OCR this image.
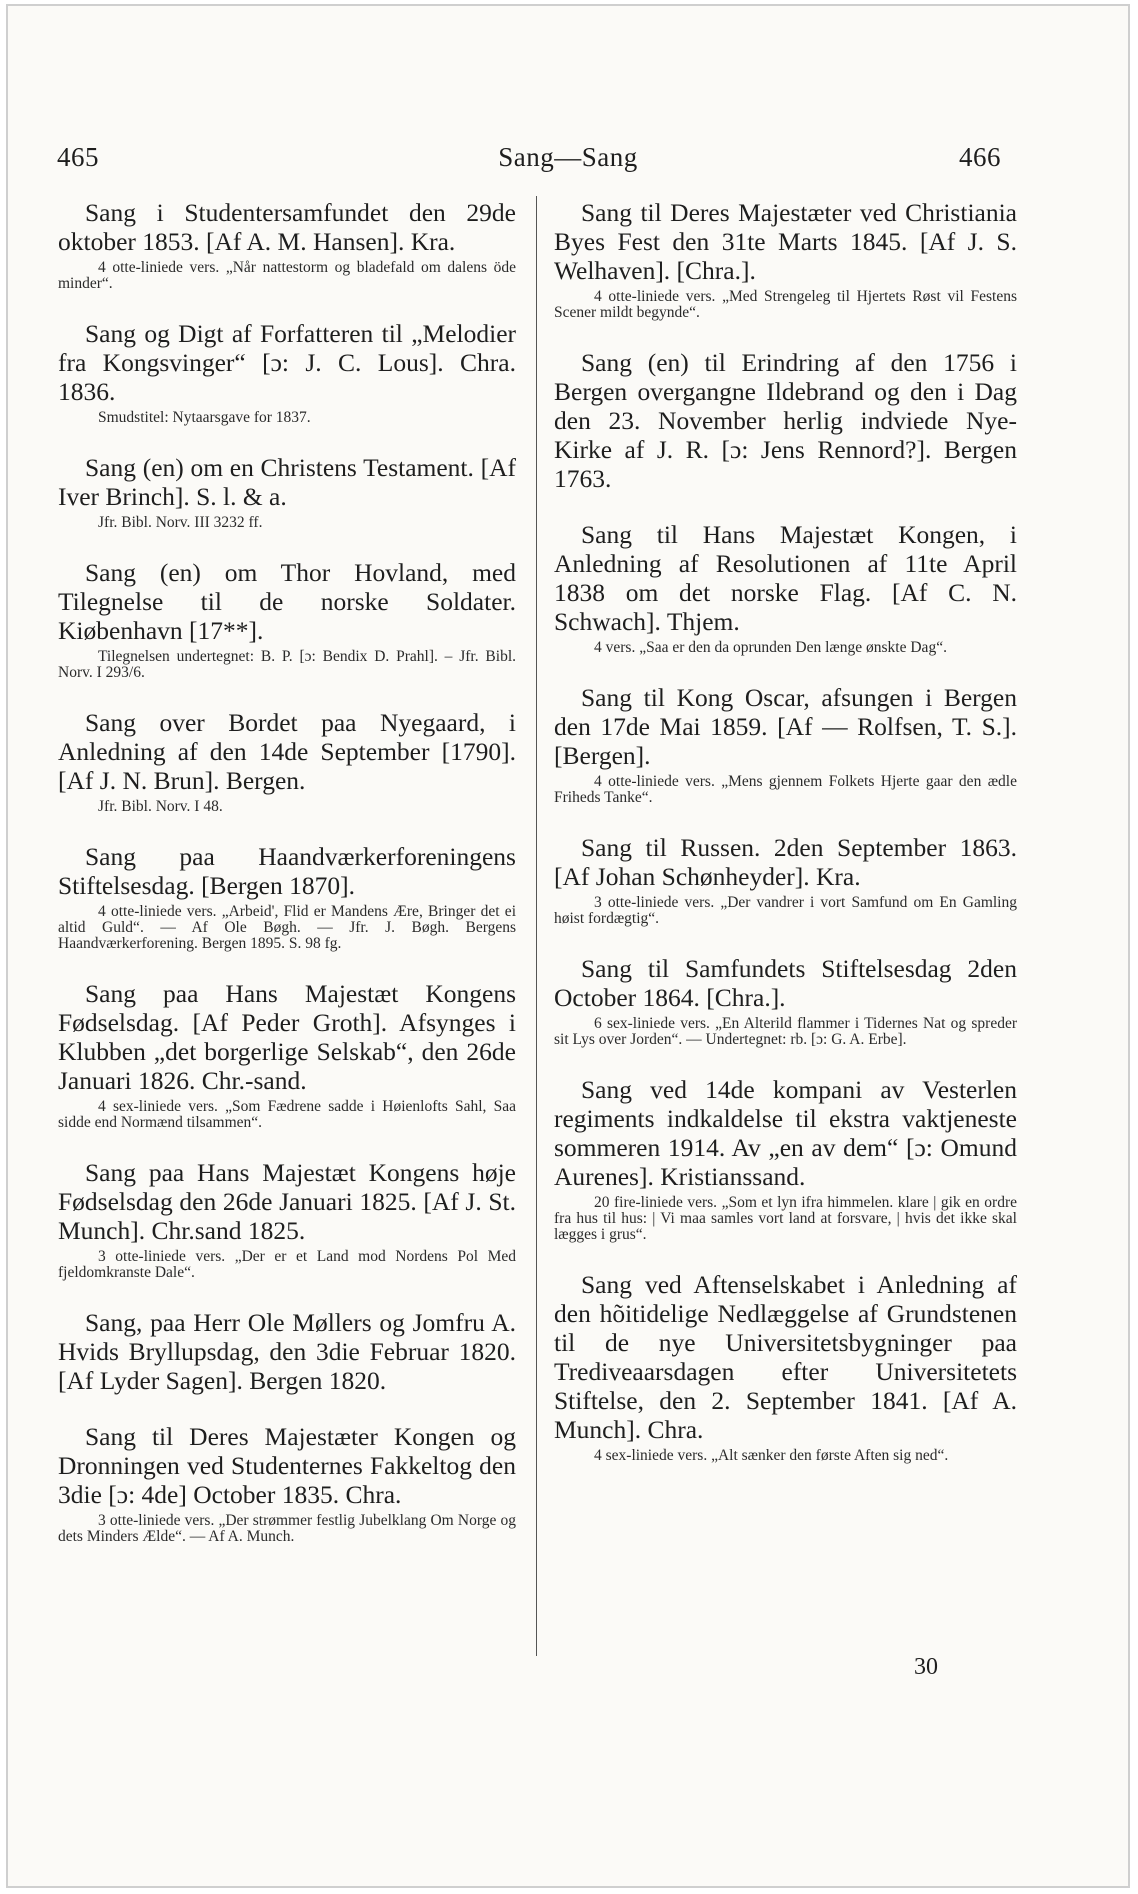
465	Sang—Sang	466

Sang i Studentersamfundet den 29de oktober 1853. [Af A. M. Hansen]. Kra.

4 otte-liniede vers. „Når nattestorm og bladefald om dalens öde minder“.

Sang og Digt af Forfatteren til „Melodier fra Kongsvinger“ [ɔ: J. C. Lous]. Chra. 1836.

Smudstitel: Nytaarsgave for 1837.

Sang (en) om en Christens Testament. [Af Iver Brinch]. S. l. & a.

Jfr. Bibl. Norv. III 3232 ff.

Sang (en) om Thor Hovland, med Tilegnelse til de norske Soldater. Kiøbenhavn [17**].

Tilegnelsen undertegnet: B. P. [ɔ: Bendix D. Prahl]. – Jfr. Bibl. Norv. I 293/6.

Sang over Bordet paa Nyegaard, i Anledning af den 14de September [1790]. [Af J. N. Brun]. Bergen.

Jfr. Bibl. Norv. I 48.

Sang paa Haandværkerforeningens Stiftelsesdag. [Bergen 1870].

4 otte-liniede vers. „Arbeid', Flid er Mandens Ære, Bringer det ei altid Guld“. — Af Ole Bøgh. — Jfr. J. Bøgh. Bergens Haandværkerforening. Bergen 1895. S. 98 fg.

Sang paa Hans Majestæt Kongens Fødselsdag. [Af Peder Groth]. Afsynges i Klubben „det borgerlige Selskab“, den 26de Januari 1826. Chr.-sand.

4 sex-liniede vers. „Som Fædrene sadde i Høienlofts Sahl, Saa sidde end Normænd tilsammen“.

Sang paa Hans Majestæt Kongens høje Fødselsdag den 26de Januari 1825. [Af J. St. Munch]. Chr.sand 1825.

3 otte-liniede vers. „Der er et Land mod Nordens Pol Med fjeldomkranste Dale“.

Sang, paa Herr Ole Møllers og Jomfru A. Hvids Bryllupsdag, den 3die Februar 1820. [Af Lyder Sagen]. Bergen 1820.

Sang til Deres Majestæter Kongen og Dronningen ved Studenternes Fakkeltog den 3die [ɔ: 4de] October 1835. Chra.

3 otte-liniede vers. „Der strømmer festlig Jubelklang Om Norge og dets Minders Ælde“. — Af A. Munch.

Sang til Deres Majestæter ved Christiania Byes Fest den 31te Marts 1845. [Af J. S. Welhaven]. [Chra.].

4 otte-liniede vers. „Med Strengeleg til Hjertets Røst vil Festens Scener mildt begynde“.

Sang (en) til Erindring af den 1756 i Bergen overgangne Ildebrand og den i Dag den 23. November herlig indviede Nye-Kirke af J. R. [ɔ: Jens Rennord?]. Bergen 1763.

Sang til Hans Majestæt Kongen, i Anledning af Resolutionen af 11te April 1838 om det norske Flag. [Af C. N. Schwach]. Thjem.

4 vers. „Saa er den da oprunden Den længe ønskte Dag“.

Sang til Kong Oscar, afsungen i Bergen den 17de Mai 1859. [Af — Rolfsen, T. S.]. [Bergen].

4 otte-liniede vers. „Mens gjennem Folkets Hjerte gaar den ædle Friheds Tanke“.

Sang til Russen. 2den September 1863. [Af Johan Schønheyder]. Kra.

3 otte-liniede vers. „Der vandrer i vort Samfund om En Gamling høist fordægtig“.

Sang til Samfundets Stiftelsesdag 2den October 1864. [Chra.].

6 sex-liniede vers. „En Alterild flammer i Tidernes Nat og spreder sit Lys over Jorden“. — Undertegnet: rb. [ɔ: G. A. Erbe].

Sang ved 14de kompani av Vesterlen regiments indkaldelse til ekstra vaktjeneste sommeren 1914. Av „en av dem“ [ɔ: Omund Aurenes]. Kristianssand.

20 fire-liniede vers. „Som et lyn ifra himmelen. klare | gik en ordre fra hus til hus: | Vi maa samles vort land at forsvare, | hvis det ikke skal lægges i grus“.

Sang ved Aftenselskabet i Anledning af den hõitidelige Nedlæggelse af Grundstenen til de nye Universitetsbygninger paa Trediveaarsdagen efter Universitetets Stiftelse, den 2. September 1841. [Af A. Munch]. Chra.

4 sex-liniede vers. „Alt sænker den første Aften sig ned“.

30
